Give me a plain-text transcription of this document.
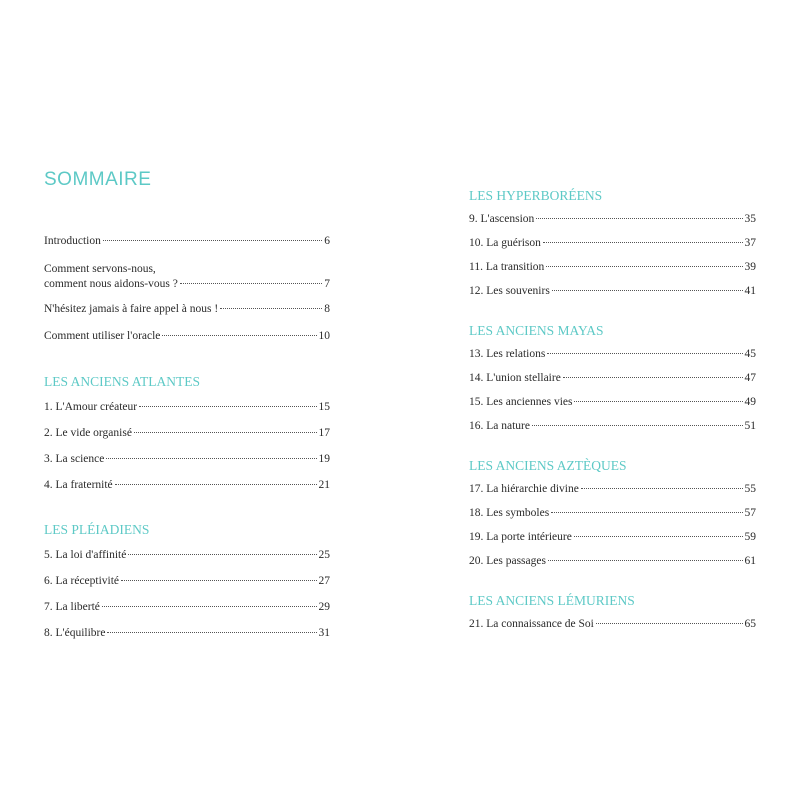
SOMMAIRE
Introduction	6
Comment servons-nous,
comment nous aidons-vous ?	7
N'hésitez jamais à faire appel à nous !	8
Comment utiliser l'oracle	10
LES ANCIENS ATLANTES
1. L'Amour créateur	15
2. Le vide organisé	17
3. La science	19
4. La fraternité	21
LES PLÉIADIENS
5. La loi d'affinité	25
6. La réceptivité	27
7. La liberté	29
8. L'équilibre	31
LES HYPERBORÉENS
9. L'ascension	35
10. La guérison	37
11. La transition	39
12. Les souvenirs	41
LES ANCIENS MAYAS
13. Les relations	45
14. L'union stellaire	47
15. Les anciennes vies	49
16. La nature	51
LES ANCIENS AZTÈQUES
17. La hiérarchie divine	55
18. Les symboles	57
19. La porte intérieure	59
20. Les passages	61
LES ANCIENS LÉMURIENS
21. La connaissance de Soi	65
